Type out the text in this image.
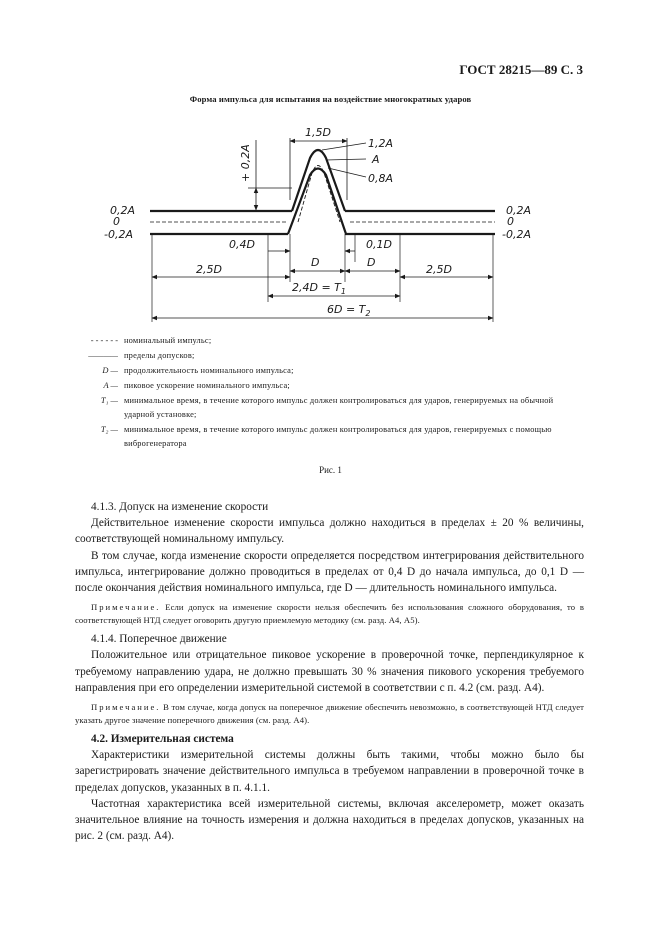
ГОСТ 28215—89 С. 3
Форма импульса для испытания на воздействие многократных ударов
1,5D
+ 0,2A
1,2A
A
0,8A
0,2A
0
-0,2A
0,2A
0
-0,2A
0,4D	0,1D
D	D
2,5D	2,5D
$2,4D = T_1$
$6D = T_2$
- - - - - - номинальный импульс;
———— пределы допусков;
D — продолжительность номинального импульса;
A — пиковое ускорение номинального импульса;
T₁ — минимальное время, в течение которого импульс должен контролироваться для ударов, генерируемых на обычной ударной установке;
T₂ — минимальное время, в течение которого импульс должен контролироваться для ударов, генерируемых с помощью виброгенератора
Рис. 1

4.1.3. Допуск на изменение скорости

Действительное изменение скорости импульса должно находиться в пределах ± 20 % величины, соответствующей номинальному импульсу.

В том случае, когда изменение скорости определяется посредством интегрирования действительного импульса, интегрирование должно проводиться в пределах от 0,4 D до начала импульса, до 0,1 D — после окончания действия номинального импульса, где D — длительность номинального импульса.

Примечание. Если допуск на изменение скорости нельзя обеспечить без использования сложного оборудования, то в соответствующей НТД следует оговорить другую приемлемую методику (см. разд. А4, А5).

4.1.4. Поперечное движение

Положительное или отрицательное пиковое ускорение в проверочной точке, перпендикулярное к требуемому направлению удара, не должно превышать 30 % значения пикового ускорения требуемого направления при его определении измерительной системой в соответствии с п. 4.2 (см. разд. А4).

Примечание. В том случае, когда допуск на поперечное движение обеспечить невозможно, в соответствующей НТД следует указать другое значение поперечного движения (см. разд. А4).

4.2. Измерительная система

Характеристики измерительной системы должны быть такими, чтобы можно было бы зарегистрировать значение действительного импульса в требуемом направлении в проверочной точке в пределах допусков, указанных в п. 4.1.1.

Частотная характеристика всей измерительной системы, включая акселерометр, может оказать значительное влияние на точность измерения и должна находиться в пределах допусков, указанных на рис. 2 (см. разд. А4).
